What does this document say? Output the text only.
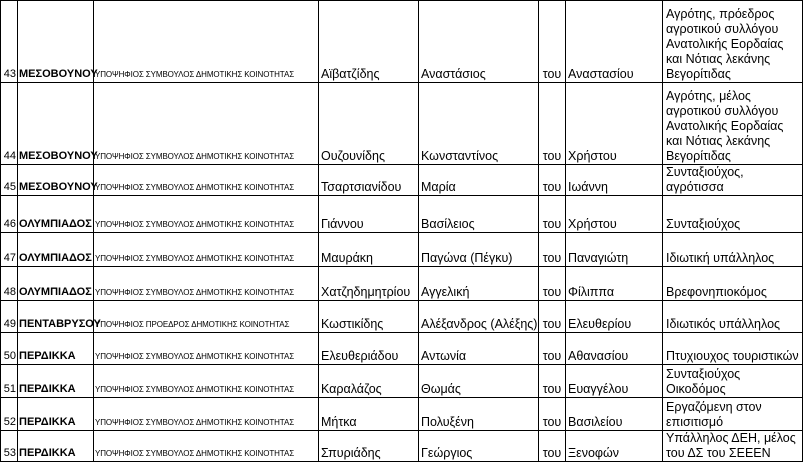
43	ΜΕΣΟΒΟΥΝΟΥ	ΥΠΟΨΗΦΙΟΣ ΣΥΜΒΟΥΛΟΣ ΔΗΜΟΤΙΚΗΣ ΚΟΙΝΟΤΗΤΑΣ	Αϊβατζίδης	Αναστάσιος	του	Αναστασίου	Αγρότης, πρόεδρος αγροτικού συλλόγου Ανατολικής Εορδαίας και Νότιας λεκάνης Βεγορίτιδας
44	ΜΕΣΟΒΟΥΝΟΥ	ΥΠΟΨΗΦΙΟΣ ΣΥΜΒΟΥΛΟΣ ΔΗΜΟΤΙΚΗΣ ΚΟΙΝΟΤΗΤΑΣ	Ουζουνίδης	Κωνσταντίνος	του	Χρήστου	Αγρότης, μέλος αγροτικού συλλόγου Ανατολικής Εορδαίας και Νότιας λεκάνης Βεγορίτιδας
45	ΜΕΣΟΒΟΥΝΟΥ	ΥΠΟΨΗΦΙΟΣ ΣΥΜΒΟΥΛΟΣ ΔΗΜΟΤΙΚΗΣ ΚΟΙΝΟΤΗΤΑΣ	Τσαρτσιανίδου	Μαρία	του	Ιωάννη	Συνταξιούχος, αγρότισσα
46	ΟΛΥΜΠΙΑΔΟΣ	ΥΠΟΨΗΦΙΟΣ ΣΥΜΒΟΥΛΟΣ ΔΗΜΟΤΙΚΗΣ ΚΟΙΝΟΤΗΤΑΣ	Γιάννου	Βασίλειος	του	Χρήστου	Συνταξιούχος
47	ΟΛΥΜΠΙΑΔΟΣ	ΥΠΟΨΗΦΙΟΣ ΣΥΜΒΟΥΛΟΣ ΔΗΜΟΤΙΚΗΣ ΚΟΙΝΟΤΗΤΑΣ	Μαυράκη	Παγώνα (Πέγκυ)	του	Παναγιώτη	Ιδιωτική υπάλληλος
48	ΟΛΥΜΠΙΑΔΟΣ	ΥΠΟΨΗΦΙΟΣ ΣΥΜΒΟΥΛΟΣ ΔΗΜΟΤΙΚΗΣ ΚΟΙΝΟΤΗΤΑΣ	Χατζηδημητρίου	Αγγελική	του	Φίλιππα	Βρεφονηπιοκόμος
49	ΠΕΝΤΑΒΡΥΣΟΥ	ΥΠΟΨΗΦΙΟΣ ΠΡΟΕΔΡΟΣ ΔΗΜΟΤΙΚΗΣ ΚΟΙΝΟΤΗΤΑΣ	Κωστικίδης	Αλέξανδρος (Αλέξης)	του	Ελευθερίου	Ιδιωτικός υπάλληλος
50	ΠΕΡΔΙΚΚΑ	ΥΠΟΨΗΦΙΟΣ ΣΥΜΒΟΥΛΟΣ ΔΗΜΟΤΙΚΗΣ ΚΟΙΝΟΤΗΤΑΣ	Ελευθεριάδου	Αντωνία	του	Αθανασίου	Πτυχιουχος τουριστικών
51	ΠΕΡΔΙΚΚΑ	ΥΠΟΨΗΦΙΟΣ ΣΥΜΒΟΥΛΟΣ ΔΗΜΟΤΙΚΗΣ ΚΟΙΝΟΤΗΤΑΣ	Καραλάζος	Θωμάς	του	Ευαγγέλου	Συνταξιούχος Οικοδόμος
52	ΠΕΡΔΙΚΚΑ	ΥΠΟΨΗΦΙΟΣ ΣΥΜΒΟΥΛΟΣ ΔΗΜΟΤΙΚΗΣ ΚΟΙΝΟΤΗΤΑΣ	Μήτκα	Πολυξένη	του	Βασιλείου	Εργαζόμενη στον επισιτισμό
53	ΠΕΡΔΙΚΚΑ	ΥΠΟΨΗΦΙΟΣ ΣΥΜΒΟΥΛΟΣ ΔΗΜΟΤΙΚΗΣ ΚΟΙΝΟΤΗΤΑΣ	Σπυριάδης	Γεώργιος	του	Ξενοφών	Υπάλληλος ΔΕΗ, μέλος του ΔΣ του ΣΕΕΕΝ
